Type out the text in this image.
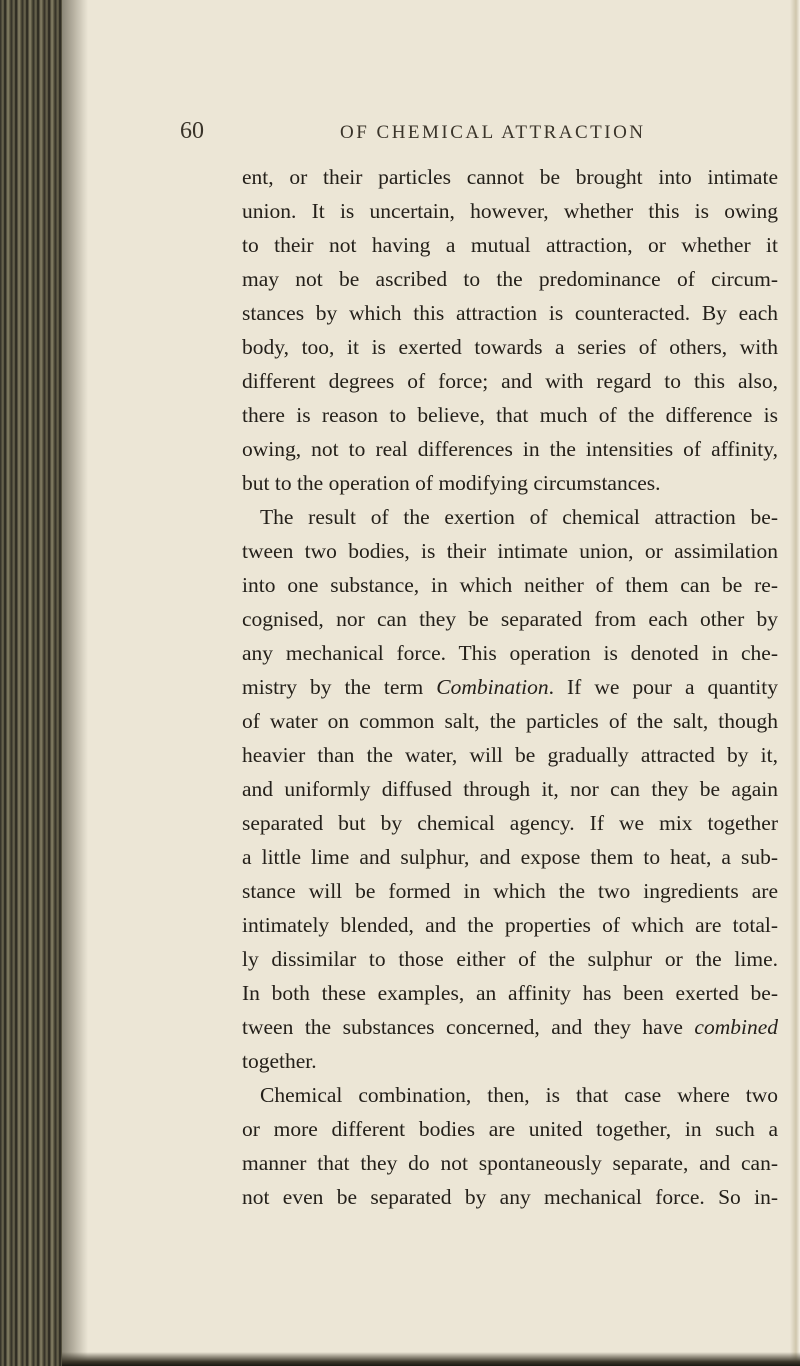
60	OF CHEMICAL ATTRACTION
ent, or their particles cannot be brought into intimate
union. It is uncertain, however, whether this is owing
to their not having a mutual attraction, or whether it
may not be ascribed to the predominance of circum-
stances by which this attraction is counteracted. By each
body, too, it is exerted towards a series of others, with
different degrees of force; and with regard to this also,
there is reason to believe, that much of the difference is
owing, not to real differences in the intensities of affinity,
but to the operation of modifying circumstances.
The result of the exertion of chemical attraction be-
tween two bodies, is their intimate union, or assimilation
into one substance, in which neither of them can be re-
cognised, nor can they be separated from each other by
any mechanical force. This operation is denoted in che-
mistry by the term Combination. If we pour a quantity
of water on common salt, the particles of the salt, though
heavier than the water, will be gradually attracted by it,
and uniformly diffused through it, nor can they be again
separated but by chemical agency. If we mix together
a little lime and sulphur, and expose them to heat, a sub-
stance will be formed in which the two ingredients are
intimately blended, and the properties of which are total-
ly dissimilar to those either of the sulphur or the lime.
In both these examples, an affinity has been exerted be-
tween the substances concerned, and they have combined
together.
Chemical combination, then, is that case where two
or more different bodies are united together, in such a
manner that they do not spontaneously separate, and can-
not even be separated by any mechanical force. So in-
